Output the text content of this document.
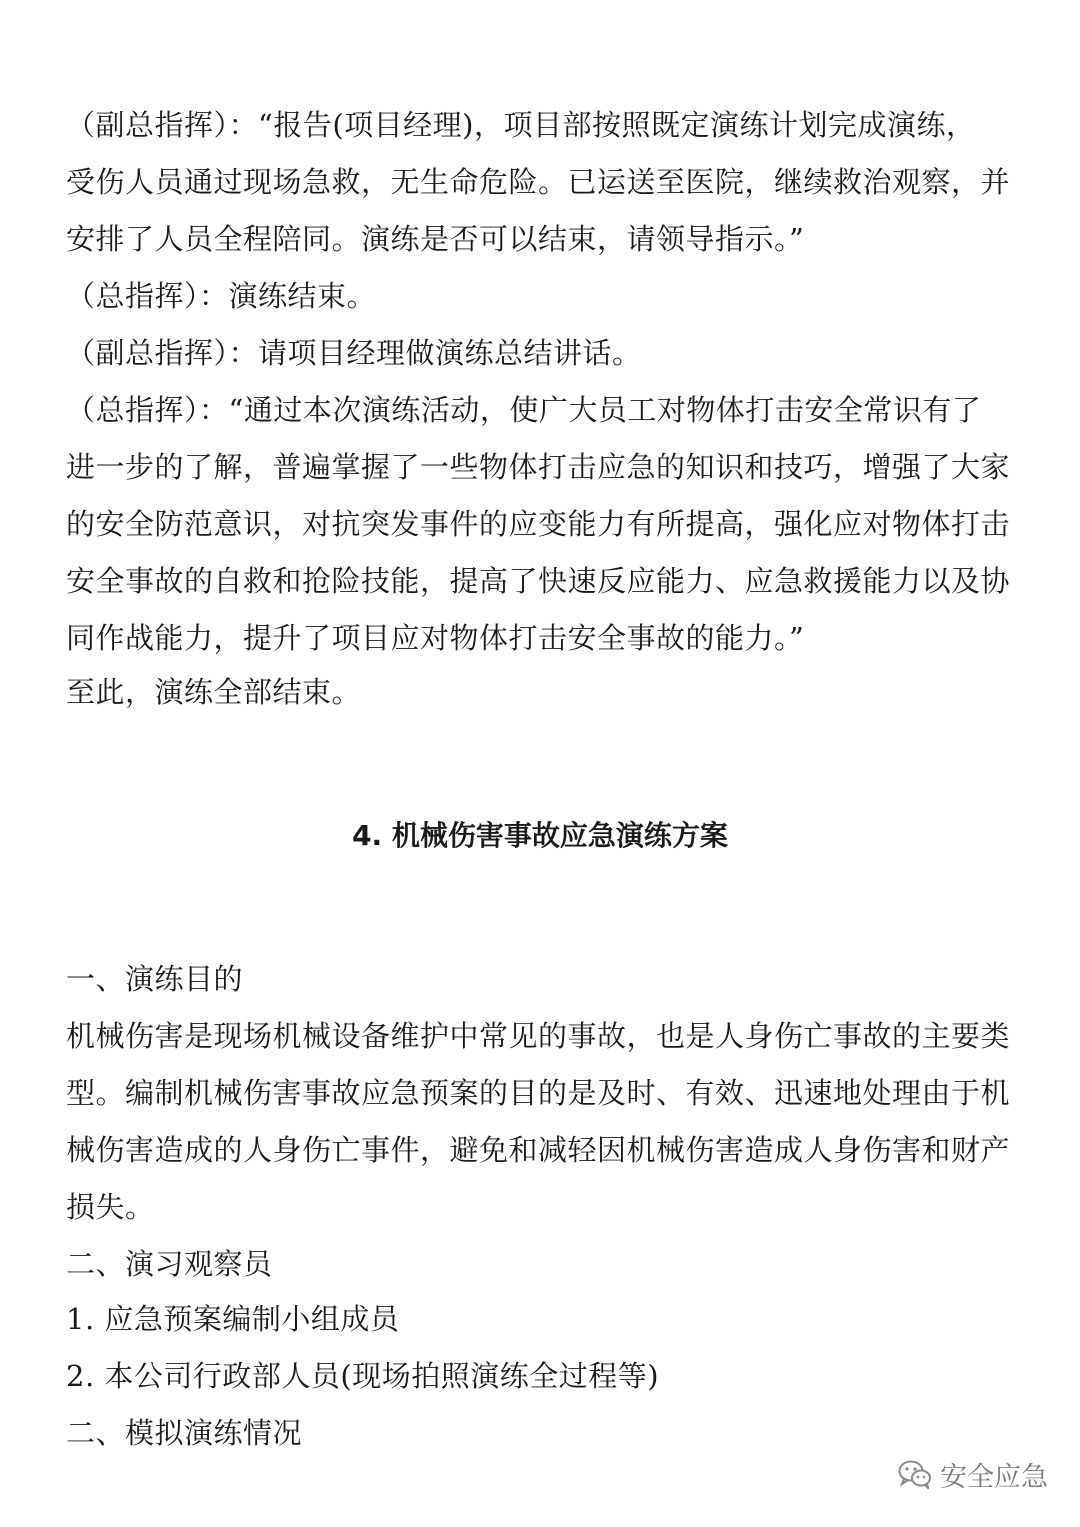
（副总指挥）：“报告(项目经理)，项目部按照既定演练计划完成演练，
受伤人员通过现场急救，无生命危险。已运送至医院，继续救治观察，并
安排了人员全程陪同。演练是否可以结束，请领导指示。”
（总指挥）：演练结束。
（副总指挥）：请项目经理做演练总结讲话。
（总指挥）：“通过本次演练活动，使广大员工对物体打击安全常识有了
进一步的了解，普遍掌握了一些物体打击应急的知识和技巧，增强了大家
的安全防范意识，对抗突发事件的应变能力有所提高，强化应对物体打击
安全事故的自救和抢险技能，提高了快速反应能力、应急救援能力以及协
同作战能力，提升了项目应对物体打击安全事故的能力。”
至此，演练全部结束。
4. 机械伤害事故应急演练方案
一、演练目的
机械伤害是现场机械设备维护中常见的事故，也是人身伤亡事故的主要类
型。编制机械伤害事故应急预案的目的是及时、有效、迅速地处理由于机
械伤害造成的人身伤亡事件，避免和减轻因机械伤害造成人身伤害和财产
损失。
二、演习观察员
1. 应急预案编制小组成员
2. 本公司行政部人员(现场拍照演练全过程等)
二、模拟演练情况
安全应急
